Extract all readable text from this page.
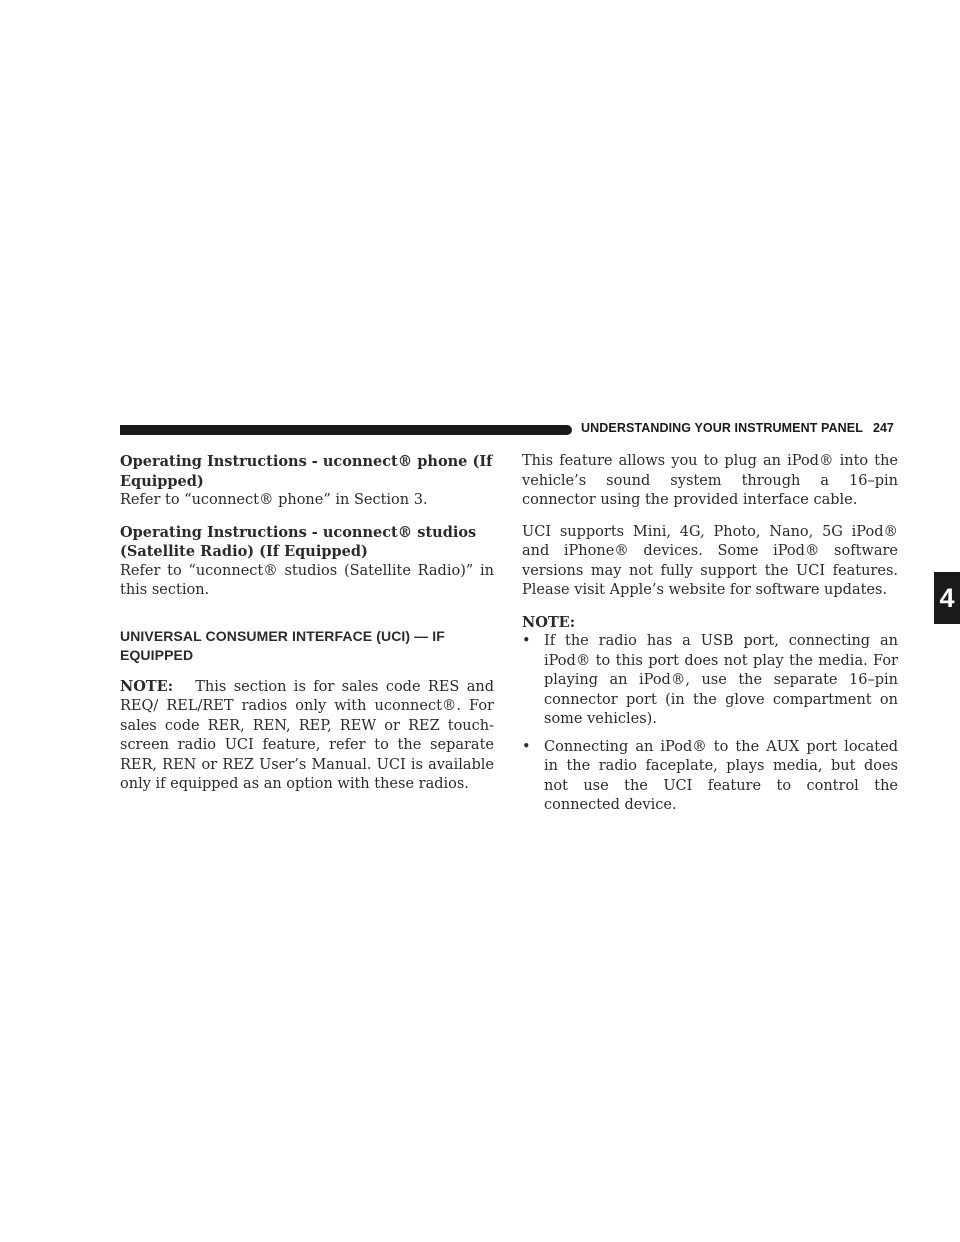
UNDERSTANDING YOUR INSTRUMENT PANEL 247
4
Operating Instructions - uconnect® phone (If
Equipped)

Refer to “uconnect® phone” in Section 3.

Operating Instructions - uconnect® studios
(Satellite Radio) (If Equipped)

Refer to “uconnect® studios (Satellite Radio)” in this section.

UNIVERSAL CONSUMER INTERFACE (UCI) — IF
EQUIPPED

NOTE: This section is for sales code RES and REQ/ REL/RET radios only with uconnect®. For sales code RER, REN, REP, REW or REZ touch-screen radio UCI feature, refer to the separate RER, REN or REZ User’s Manual. UCI is available only if equipped as an option with these radios.

This feature allows you to plug an iPod® into the vehicle’s sound system through a 16–pin connector using the provided interface cable.

UCI supports Mini, 4G, Photo, Nano, 5G iPod® and iPhone® devices. Some iPod® software versions may not fully support the UCI features. Please visit Apple’s website for software updates.

NOTE:
• If the radio has a USB port, connecting an iPod® to this port does not play the media. For playing an iPod®, use the separate 16–pin connector port (in the glove compartment on some vehicles).
• Connecting an iPod® to the AUX port located in the radio faceplate, plays media, but does not use the UCI feature to control the connected device.
